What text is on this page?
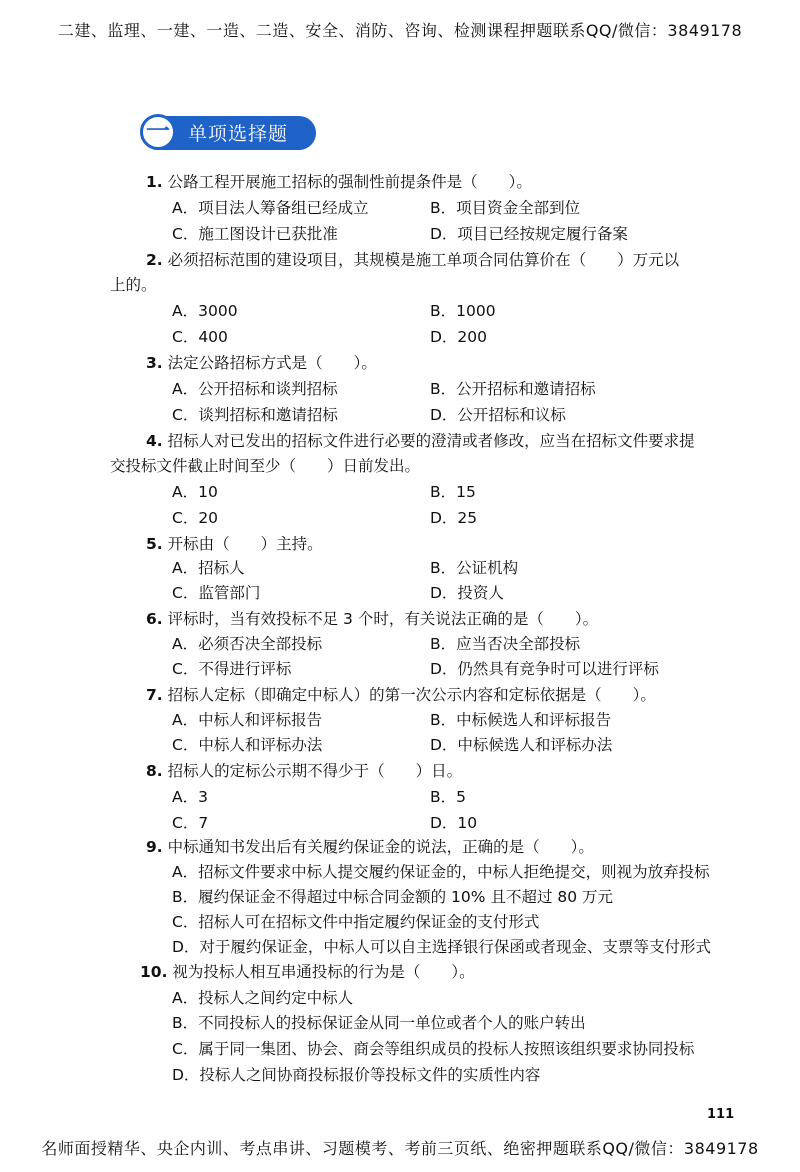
二建、监理、一建、一造、二造、安全、消防、咨询、检测课程押题联系QQ/微信：3849178
一 单项选择题
1. 公路工程开展施工招标的强制性前提条件是（　　）。
A．项目法人筹备组已经成立	B．项目资金全部到位
C．施工图设计已获批准	D．项目已经按规定履行备案
2. 必须招标范围的建设项目，其规模是施工单项合同估算价在（　　）万元以
上的。
A．3000	B．1000
C．400	D．200
3. 法定公路招标方式是（　　）。
A．公开招标和谈判招标	B．公开招标和邀请招标
C．谈判招标和邀请招标	D．公开招标和议标
4. 招标人对已发出的招标文件进行必要的澄清或者修改，应当在招标文件要求提
交投标文件截止时间至少（　　）日前发出。
A．10	B．15
C．20	D．25
5. 开标由（　　）主持。
A．招标人	B．公证机构
C．监管部门	D．投资人
6. 评标时，当有效投标不足 3 个时，有关说法正确的是（　　）。
A．必须否决全部投标	B．应当否决全部投标
C．不得进行评标	D．仍然具有竞争时可以进行评标
7. 招标人定标（即确定中标人）的第一次公示内容和定标依据是（　　）。
A．中标人和评标报告	B．中标候选人和评标报告
C．中标人和评标办法	D．中标候选人和评标办法
8. 招标人的定标公示期不得少于（　　）日。
A．3	B．5
C．7	D．10
9. 中标通知书发出后有关履约保证金的说法，正确的是（　　）。
A．招标文件要求中标人提交履约保证金的，中标人拒绝提交，则视为放弃投标
B．履约保证金不得超过中标合同金额的 10% 且不超过 80 万元
C．招标人可在招标文件中指定履约保证金的支付形式
D．对于履约保证金，中标人可以自主选择银行保函或者现金、支票等支付形式
10. 视为投标人相互串通投标的行为是（　　）。
A．投标人之间约定中标人
B．不同投标人的投标保证金从同一单位或者个人的账户转出
C．属于同一集团、协会、商会等组织成员的投标人按照该组织要求协同投标
D．投标人之间协商投标报价等投标文件的实质性内容
111
名师面授精华、央企内训、考点串讲、习题模考、考前三页纸、绝密押题联系QQ/微信：3849178
